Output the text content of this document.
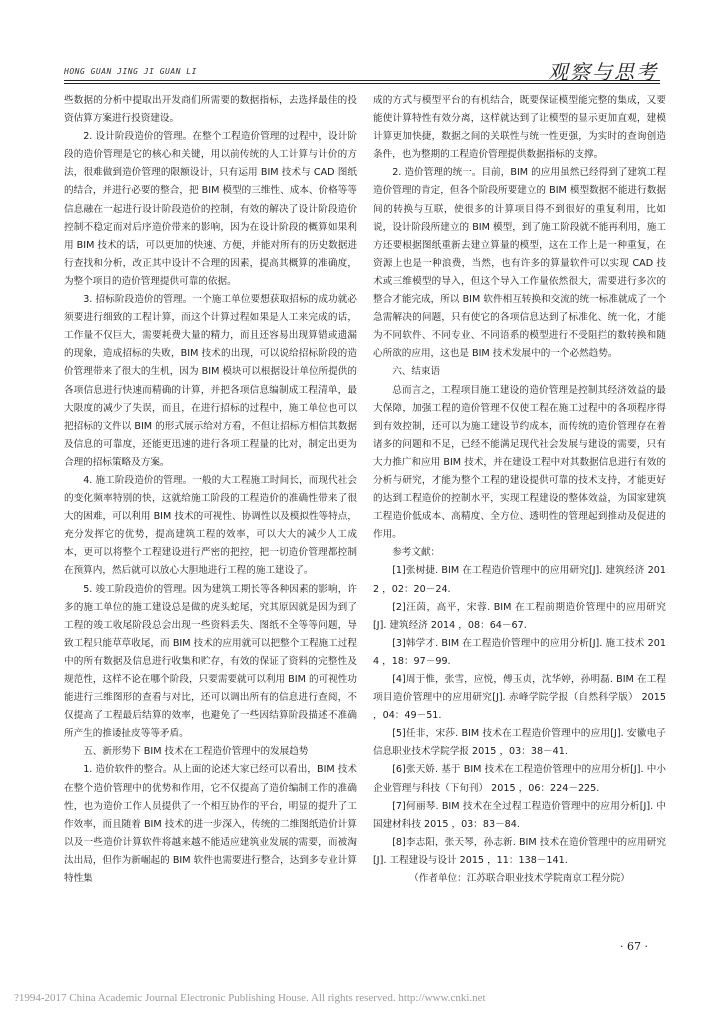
HONG GUAN JING JI GUAN LI	观察与思考

些数据的分析中提取出开发商们所需要的数据指标，去选择最佳的投资估算方案进行投资建设。

2. 设计阶段造价的管理。在整个工程造价管理的过程中，设计阶段的造价管理是它的核心和关键，用以前传统的人工计算与计价的方法，很难做到造价管理的限额设计，只有运用 BIM 技术与 CAD 图纸的结合，并进行必要的整合，把 BIM 模型的三维性、成本、价格等等信息融在一起进行设计阶段造价的控制，有效的解决了设计阶段造价控制不稳定而对后序造价带来的影响，因为在设计阶段的概算如果利用 BIM 技术的话，可以更加的快速、方便，并能对所有的历史数据进行查找和分析，改正其中设计不合理的因素，提高其概算的准确度，为整个项目的造价管理提供可靠的依据。

3. 招标阶段造价的管理。一个施工单位要想获取招标的成功就必须要进行细致的工程计算，而这个计算过程如果是人工来完成的话，工作量不仅巨大，需要耗费大量的精力，而且还容易出现算错或遗漏的现象，造成招标的失败，BIM 技术的出现，可以说给招标阶段的造价管理带来了很大的生机，因为 BIM 模块可以根据设计单位所提供的各项信息进行快速而精确的计算，并把各项信息编制成工程清单，最大限度的减少了失误，而且，在进行招标的过程中，施工单位也可以把招标的文件以 BIM 的形式展示给对方看，不但让招标方相信其数据及信息的可靠度，还能更迅速的进行各项工程量的比对，制定出更为合理的招标策略及方案。

4. 施工阶段造价的管理。一般的大工程施工时间长，而现代社会的变化频率特别的快，这就给施工阶段的工程造价的准确性带来了很大的困难，可以利用 BIM 技术的可视性、协调性以及模拟性等特点，充分发挥它的优势，提高建筑工程的效率，可以大大的减少人工成本，更可以将整个工程建设进行严密的把控，把一切造价管理都控制在预算内，然后就可以放心大胆地进行工程的施工建设了。

5. 竣工阶段造价的管理。因为建筑工期长等各种因素的影响，许多的施工单位的施工建设总是做的虎头蛇尾，究其原因就是因为到了工程的竣工收尾阶段总会出现一些资料丢失、图纸不全等等问题，导致工程只能草草收尾，而 BIM 技术的应用就可以把整个工程施工过程中的所有数据及信息进行收集和贮存，有效的保证了资料的完整性及规范性，这样不论在哪个阶段，只要需要就可以利用 BIM 的可视性功能进行三维图形的查看与对比，还可以调出所有的信息进行查阅，不仅提高了工程最后结算的效率，也避免了一些因结算阶段描述不准确所产生的推诿扯皮等等矛盾。

五、新形势下 BIM 技术在工程造价管理中的发展趋势

1. 造价软件的整合。从上面的论述大家已经可以看出，BIM 技术在整个造价管理中的优势和作用，它不仅提高了造价编制工作的准确性，也为造价工作人员提供了一个相互协作的平台，明显的提升了工作效率，而且随着 BIM 技术的进一步深入，传统的二维图纸造价计算以及一些造价计算软件将越来越不能适应建筑业发展的需要，而被淘汰出局，但作为新崛起的 BIM 软件也需要进行整合，达到多专业计算特性集

成的方式与模型平台的有机结合，既要保证模型能完整的集成，又要能使计算特性有效分离，这样就达到了让模型的显示更加直观，建模计算更加快捷，数据之间的关联性与统一性更强，为实时的查询创造条件，也为整期的工程造价管理提供数据指标的支撑。

2. 造价管理的统一。目前，BIM 的应用虽然已经得到了建筑工程造价管理的肯定，但各个阶段所要建立的 BIM 模型数据不能进行数据间的转换与互联，使很多的计算项目得不到很好的重复利用，比如说，设计阶段所建立的 BIM 模型，到了施工阶段就不能再利用，施工方还要根据图纸重新去建立算量的模型，这在工作上是一种重复，在资源上也是一种浪费，当然，也有许多的算量软件可以实现 CAD 技术或三维模型的导入，但这个导入工作量依然很大，需要进行多次的整合才能完成，所以 BIM 软件相互转换和交流的统一标准就成了一个急需解决的问题，只有使它的各项信息达到了标准化、统一化，才能为不同软件、不同专业、不同语系的模型进行不受阻拦的数转换和随心所欲的应用，这也是 BIM 技术发展中的一个必然趋势。

六、结束语

总而言之，工程项目施工建设的造价管理是控制其经济效益的最大保障，加强工程的造价管理不仅使工程在施工过程中的各项程序得到有效控制，还可以为施工建设节约成本，而传统的造价管理存在着诸多的问题和不足，已经不能满足现代社会发展与建设的需要，只有大力推广和应用 BIM 技术，并在建设工程中对其数据信息进行有效的分析与研究，才能为整个工程的建设提供可靠的技术支持，才能更好的达到工程造价的控制水平，实现工程建设的整体效益，为国家建筑工程造价低成本、高精度、全方位、透明性的管理起到推动及促进的作用。

参考文献：

[1]张树捷. BIM 在工程造价管理中的应用研究[J]. 建筑经济 2012 ，02：20－24.

[2]汪茵，高平，宋蓉. BIM 在工程前期造价管理中的应用研究[J]. 建筑经济 2014 ，08：64－67.

[3]韩学才. BIM 在工程造价管理中的应用分析[J]. 施工技术 2014 ，18：97－99.

[4]周于惟，张雪，应悦，傅玉贞，沈华婷，孙明磊. BIM 在工程项目造价管理中的应用研究[J]. 赤峰学院学报（自然科学版） 2015 ，04：49－51.

[5]任非，宋莎. BIM 技术在工程造价管理中的应用[J]. 安徽电子信息职业技术学院学报 2015 ，03：38－41.

[6]张天娇. 基于 BIM 技术在工程造价管理中的应用分析[J]. 中小企业管理与科技（下旬刊） 2015 ，06：224－225.

[7]何丽琴. BIM 技术在全过程工程造价管理中的应用分析[J]. 中国建材科技 2015 ，03：83－84.

[8]李志阳，张天琴，孙志新. BIM 技术在造价管理中的应用研究[J]. 工程建设与设计 2015 ，11：138－141.

（作者单位：江苏联合职业技术学院南京工程分院）

· 67 ·
?1994-2017 China Academic Journal Electronic Publishing House. All rights reserved. http://www.cnki.net
